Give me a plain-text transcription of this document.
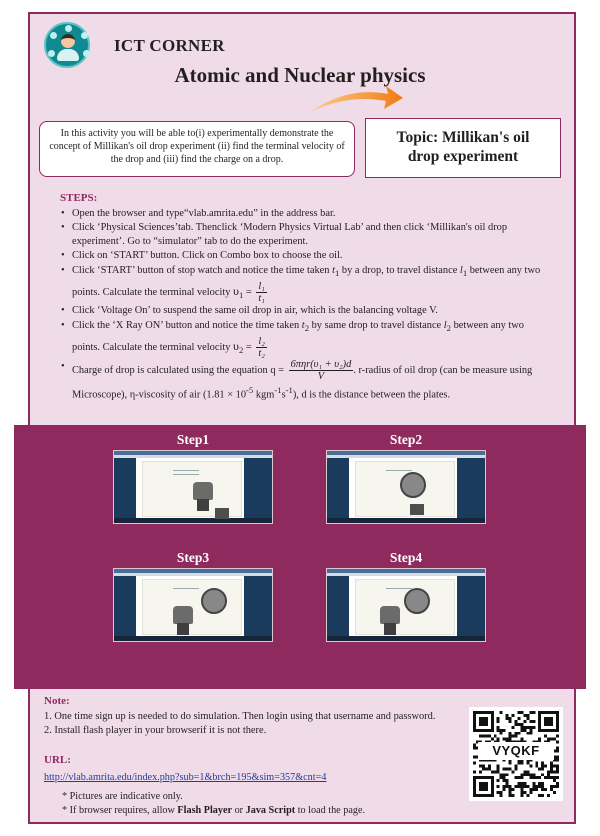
ICT CORNER
Atomic and Nuclear physics
In this activity you will be able to(i) experimentally demonstrate the concept of Millikan's oil drop experiment (ii) find the terminal velocity of the drop and (iii) find the charge on a drop.
Topic: Millikan's oil
drop experiment
STEPS:
• Open the browser and type“vlab.amrita.edu” in the address bar.
• Click ‘Physical Sciences’tab. Thenclick ‘Modern Physics Virtual Lab’ and then click ‘Millikan's oil drop experiment’. Go to “simulator” tab to do the experiment.
• Click on ‘START’ button. Click on Combo box to choose the oil.
• Click ‘START’ button of stop watch and notice the time taken $t_1$ by a drop, to travel distance $l_1$ between any two points. Calculate the terminal velocity $\upsilon_1 = \frac{\text{l₁}}{\text{t₁}}$
• Click ‘Voltage On’ to suspend the same oil drop in air, which is the balancing voltage V.
• Click the ‘X Ray ON’ button and notice the time taken $t_2$ by same drop to travel distance $l_2$ between any two points. Calculate the terminal velocity $\upsilon_2 = \frac{\text{l₂}}{\text{t₂}}$
• Charge of drop is calculated using the equation $q = \frac{\text{6πηr(υ₁ + υ₂)d}}{V}$ . r-radius of oil drop (can be measure using Microscope), η-viscosity of air ($1.81 \times 10^{-5}$ $kgm^{-1}s^{-1}$), d is the distance between the plates.
Step1	Step2
Step3	Step4
Note:
1. One time sign up is needed to do simulation. Then login using that username and password.
2. Install flash player in your browserif it is not there.
URL:
http://vlab.amrita.edu/index.php?sub=1&brch=195&sim=357&cnt=4
* Pictures are indicative only.
* If browser requires, allow Flash Player or Java Script to load the page.
VYQKF
